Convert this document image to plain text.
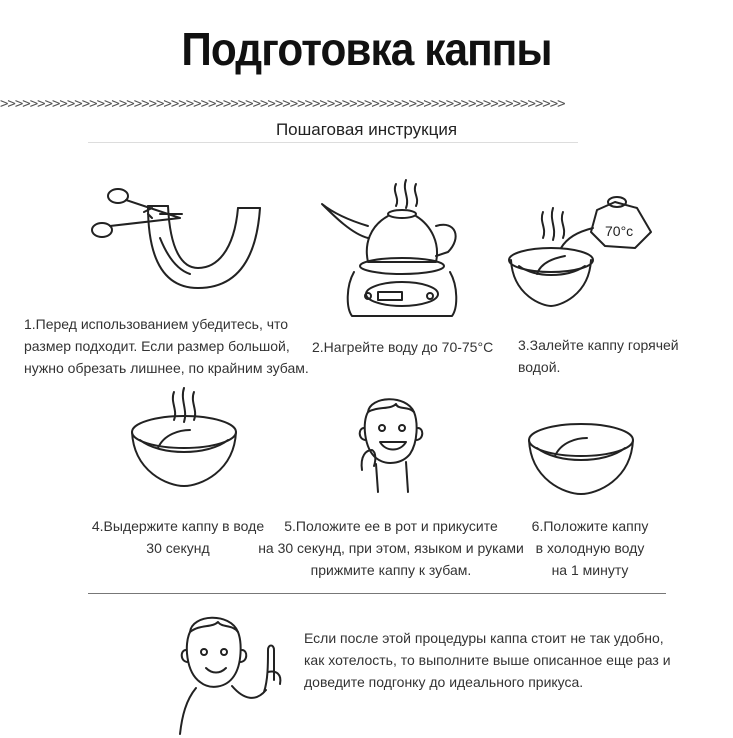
Подготовка каппы
>>>>>>>>>>>>>>>>>>>>>>>>>>>>>>>>>>>>>>>>>>>>>>>>>>>>>>>>>>>>>>>>>>>>>>>>>>>>
Пошаговая инструкция
70°c
1.Перед использованием убедитесь, что
размер подходит. Если размер большой,
нужно обрезать лишнее, по крайним зубам.
2.Нагрейте воду до 70-75°С	3.Залейте каппу горячей
водой.
4.Выдержите каппу в воде
30 секунд
5.Положите ее в рот и прикусите
на 30 секунд, при этом, языком и руками
прижмите каппу к зубам.
6.Положите каппу
в холодную воду
на 1 минуту
Если после этой процедуры каппа стоит не так удобно,
как хотелость, то выполните выше описанное еще раз и
доведите подгонку до идеального прикуса.
